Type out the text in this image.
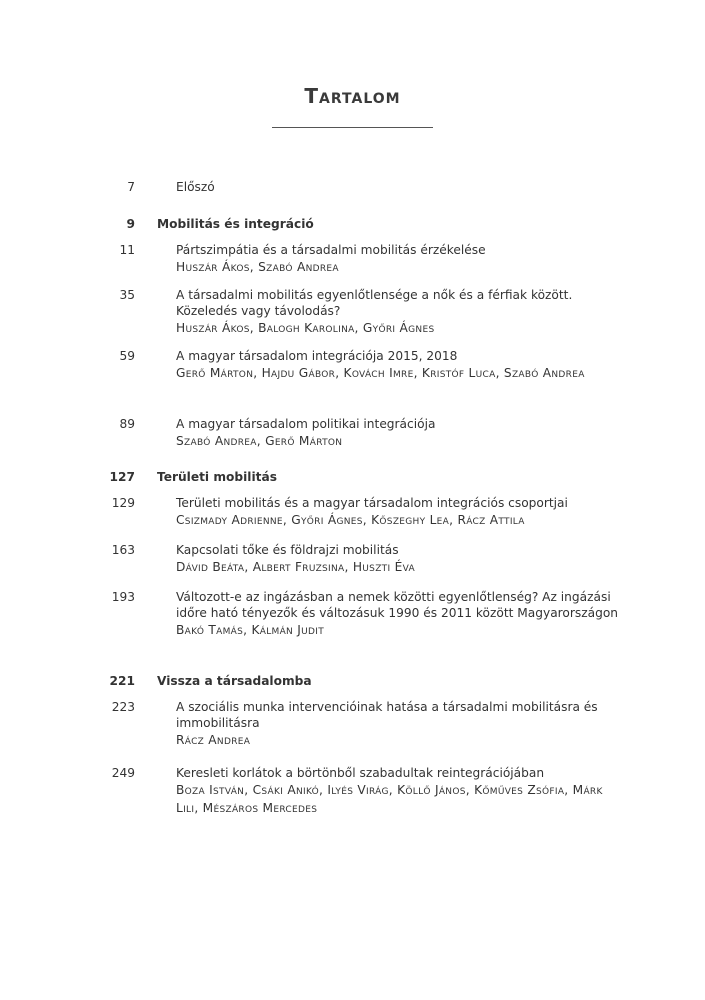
Tartalom
7	Előszó
9 Mobilitás és integráció
11	Pártszimpátia és a társadalmi mobilitás érzékelése
Huszár Ákos, Szabó Andrea
35	A társadalmi mobilitás egyenlőtlensége a nők és a férfiak között. Közeledés vagy távolodás?
Huszár Ákos, Balogh Karolina, Győri Ágnes
59	A magyar társadalom integrációja 2015, 2018
Gerő Márton, Hajdu Gábor, Kovách Imre, Kristóf Luca, Szabó Andrea
89	A magyar társadalom politikai integrációja
Szabó Andrea, Gerő Márton
127 Területi mobilitás
129	Területi mobilitás és a magyar társadalom integrációs csoportjai
Csizmady Adrienne, Győri Ágnes, Kőszeghy Lea, Rácz Attila
163	Kapcsolati tőke és földrajzi mobilitás
Dávid Beáta, Albert Fruzsina, Huszti Éva
193	Változott-e az ingázásban a nemek közötti egyenlőtlenség? Az ingázási időre ható tényezők és változásuk 1990 és 2011 között Magyarországon
Bakó Tamás, Kálmán Judit
221 Vissza a társadalomba
223	A szociális munka intervencióinak hatása a társadalmi mobilitásra és immobilitásra
Rácz Andrea
249	Keresleti korlátok a börtönből szabadultak reintegrációjában
Boza István, Csáki Anikó, Ilyés Virág, Köllő János, Kőműves Zsófia, Márk Lili, Mészáros Mercedes
